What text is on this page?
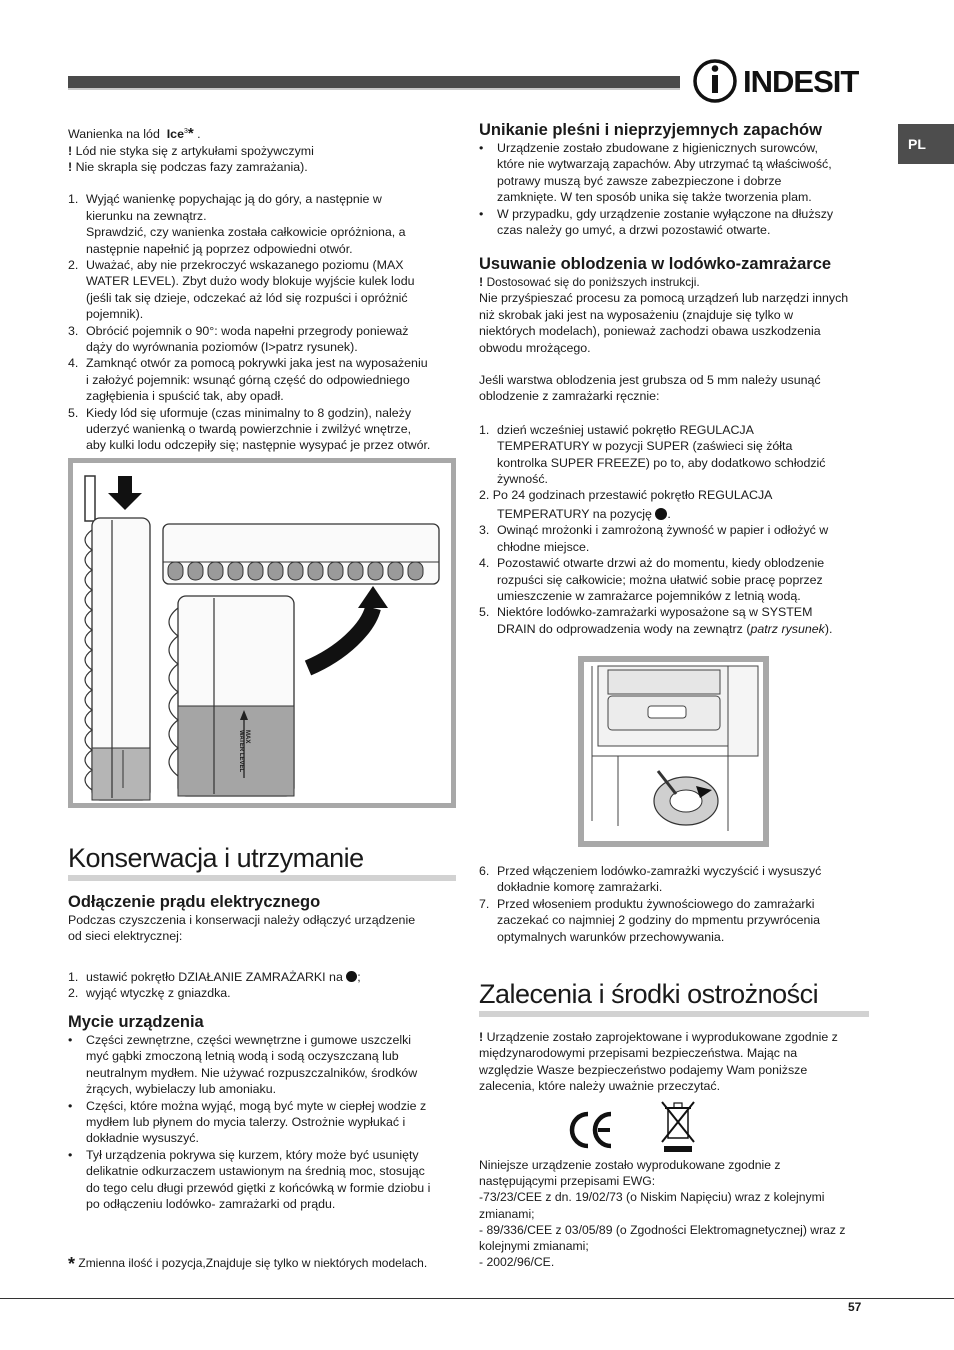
INDESIT
PL

Wanienka na lód Ice$^3$* .

! Lód nie styka się z artykułami spożywczymi

! Nie skrapla się podczas fazy zamrażania).

1. Wyjąć wanienkę popychając ją do góry, a następnie w
kierunku na zewnątrz.
Sprawdzić, czy wanienka została całkowicie opróżniona, a
następnie napełnić ją poprzez odpowiedni otwór.
2. Uważać, aby nie przekroczyć wskazanego poziomu (MAX
WATER LEVEL). Zbyt dużo wody blokuje wyjście kulek lodu
(jeśli tak się dzieje, odczekać aż lód się rozpuści i opróżnić
pojemnik).
3. Obrócić pojemnik o 90°: woda napełni przegrody ponieważ
dąży do wyrównania poziomów (I>patrz rysunek).
4. Zamknąć otwór za pomocą pokrywki jaka jest na wyposażeniu
i założyć pojemnik: wsunąć górną część do odpowiedniego
zagłębienia i spuścić tak, aby opadł.
5. Kiedy lód się uformuje (czas minimalny to 8 godzin), należy
uderzyć wanienką o twardą powierzchnie i zwilżyć wnętrze,
aby kulki lodu odczepiły się; następnie wysypać je przez otwór.
MAX
WATER LEVEL
Konserwacja i utrzymanie
Odłączenie prądu elektrycznego

Podczas czyszczenia i konserwacji należy odłączyć urządzenie
od sieci elektrycznej:

1. ustawić pokrętło DZIAŁANIE ZAMRAŻARKI na ;
2. wyjąć wtyczkę z gniazdka.
Mycie urządzenia
• Części zewnętrzne, części wewnętrzne i gumowe uszczelki
myć gąbki zmoczoną letnią wodą i sodą oczyszczaną lub
neutralnym mydłem. Nie używać rozpuszczalników, środków
żrących, wybielaczy lub amoniaku.
• Części, które można wyjąć, mogą być myte w ciepłej wodzie z
mydłem lub płynem do mycia talerzy. Ostrożnie wypłukać i
dokładnie wysuszyć.
• Tył urządzenia pokrywa się kurzem, który może być usunięty
delikatnie odkurzaczem ustawionym na średnią moc, stosując
do tego celu długi przewód giętki z końcówką w formie dziobu i
po odłączeniu lodówko- zamrażarki od prądu.
* Zmienna ilość i pozycja,Znajduje się tylko w niektórych modelach.
Unikanie pleśni i nieprzyjemnych zapachów
• Urządzenie zostało zbudowane z higienicznych surowców,
które nie wytwarzają zapachów. Aby utrzymać tą właściwość,
potrawy muszą być zawsze zabezpieczone i dobrze
zamknięte. W ten sposób unika się także tworzenia plam.
• W przypadku, gdy urządzenie zostanie wyłączone na dłuższy
czas należy go umyć, a drzwi pozostawić otwarte.
Usuwanie oblodzenia w lodówko-zamrażarce

! Dostosować się do poniższych instrukcji.

Nie przyśpieszać procesu za pomocą urządzeń lub narzędzi innych
niż skrobak jaki jest na wyposażeniu (znajduje się tylko w
niektórych modelach), ponieważ zachodzi obawa uszkodzenia
obwodu mrożącego.

Jeśli warstwa oblodzenia jest grubsza od 5 mm należy usunąć
oblodzenie z zamrażarki ręcznie:

1. dzień wcześniej ustawić pokrętło REGULACJA
TEMPERATURY w pozycji SUPER (zaświeci się żółta
kontrolka SUPER FREEZE) po to, aby dodatkowo schłodzić
żywność.
2. Po 24 godzinach przestawić pokrętło REGULACJA
TEMPERATURY na pozycję .
3. Owinąć mrożonki i zamrożoną żywność w papier i odłożyć w
chłodne miejsce.
4. Pozostawić otwarte drzwi aż do momentu, kiedy oblodzenie
rozpuści się całkowicie; można ułatwić sobie pracę poprzez
umieszczenie w zamrażarce pojemników z letnią wodą.
5. Niektóre lodówko-zamrażarki wyposażone są w SYSTEM
DRAIN do odprowadzenia wody na zewnątrz (patrz rysunek).
6. Przed włączeniem lodówko-zamrażki wyczyścić i wysuszyć
dokładnie komorę zamrażarki.
7. Przed włoseniem produktu żywnościowego do zamrażarki
zaczekać co najmniej 2 godziny do mpmentu przywrócenia
optymalnych warunków przechowywania.
Zalecenia i środki ostrożności

! Urządzenie zostało zaprojektowane i wyprodukowane zgodnie z
międzynarodowymi przepisami bezpieczeństwa. Mając na
względzie Wasze bezpieczeństwo podajemy Wam poniższe
zalecenia, które należy uważnie przeczytać.

Niniejsze urządzenie zostało wyprodukowane zgodnie z
następującymi przepisami EWG:
-73/23/CEE z dn. 19/02/73 (o Niskim Napięciu) wraz z kolejnymi
zmianami;
- 89/336/CEE z 03/05/89 (o Zgodności Elektromagnetycznej) wraz z
kolejnymi zmianami;
- 2002/96/CE.

57
